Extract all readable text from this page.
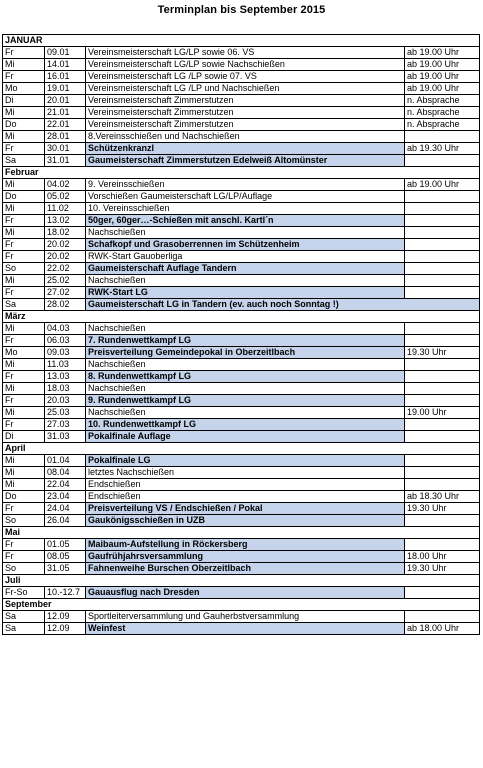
Terminplan bis September 2015
JANUAR			
Fr	09.01	Vereinsmeisterschaft LG/LP sowie 06. VS	ab 19.00 Uhr
Mi	14.01	Vereinsmeisterschaft LG/LP sowie Nachschießen	ab 19.00 Uhr
Fr	16.01	Vereinsmeisterschaft LG /LP sowie 07. VS	ab 19.00 Uhr
Mo	19.01	Vereinsmeisterschaft LG /LP und Nachschießen	ab 19.00 Uhr
Di	20.01	Vereinsmeisterschaft Zimmerstutzen	n. Absprache
Mi	21.01	Vereinsmeisterschaft Zimmerstutzen	n. Absprache
Do	22.01	Vereinsmeisterschaft Zimmerstutzen	n. Absprache
Mi	28.01	8.Vereinsschießen und Nachschießen	
Fr	30.01	Schützenkranzl	ab 19.30 Uhr
Sa	31.01	Gaumeisterschaft Zimmerstutzen Edelweiß Altomünster	
Februar			
Mi	04.02	9. Vereinsschießen	ab 19.00 Uhr
Do	05.02	Vorschießen Gaumeisterschaft LG/LP/Auflage	
Mi	11.02	10. Vereinsschießen	
Fr	13.02	50ger, 60ger…-Schießen mit anschl. Kartl´n	
Mi	18.02	Nachschießen	
Fr	20.02	Schafkopf und Grasoberrennen im Schützenheim	
Fr	20.02	RWK-Start Gauoberliga	
So	22.02	Gaumeisterschaft Auflage Tandern	
Mi	25.02	Nachschießen	
Fr	27.02	RWK-Start LG	
Sa	28.02	Gaumeisterschaft LG in Tandern (ev. auch noch Sonntag !)	
März			
Mi	04.03	Nachschießen	
Fr	06.03	7. Rundenwettkampf LG	
Mo	09.03	Preisverteilung Gemeindepokal in Oberzeitlbach	19.30 Uhr
Mi	11.03	Nachschießen	
Fr	13.03	8. Rundenwettkampf LG	
Mi	18.03	Nachschießen	
Fr	20.03	9. Rundenwettkampf LG	
Mi	25.03	Nachschießen	19.00 Uhr
Fr	27.03	10. Rundenwettkampf LG	
Di	31.03	Pokalfinale Auflage	
April			
Mi	01.04	Pokalfinale LG	
Mi	08.04	letztes Nachschießen	
Mi	22.04	Endschießen	
Do	23.04	Endschießen	ab 18.30 Uhr
Fr	24.04	Preisverteilung VS / Endschießen / Pokal	19.30 Uhr
So	26.04	Gaukönigsschießen in UZB	
Mai			
Fr	01.05	Maibaum-Aufstellung in Röckersberg	
Fr	08.05	Gaufrühjahrsversammlung	18.00 Uhr
So	31.05	Fahnenweihe Burschen Oberzeitlbach	19.30 Uhr
Juli			
Fr-So	10.-12.7	Gauausflug nach Dresden	
September			
Sa	12.09	Sportleiterversammlung und Gauherbstversammlung	
Sa	12.09	Weinfest	ab 18.00 Uhr
